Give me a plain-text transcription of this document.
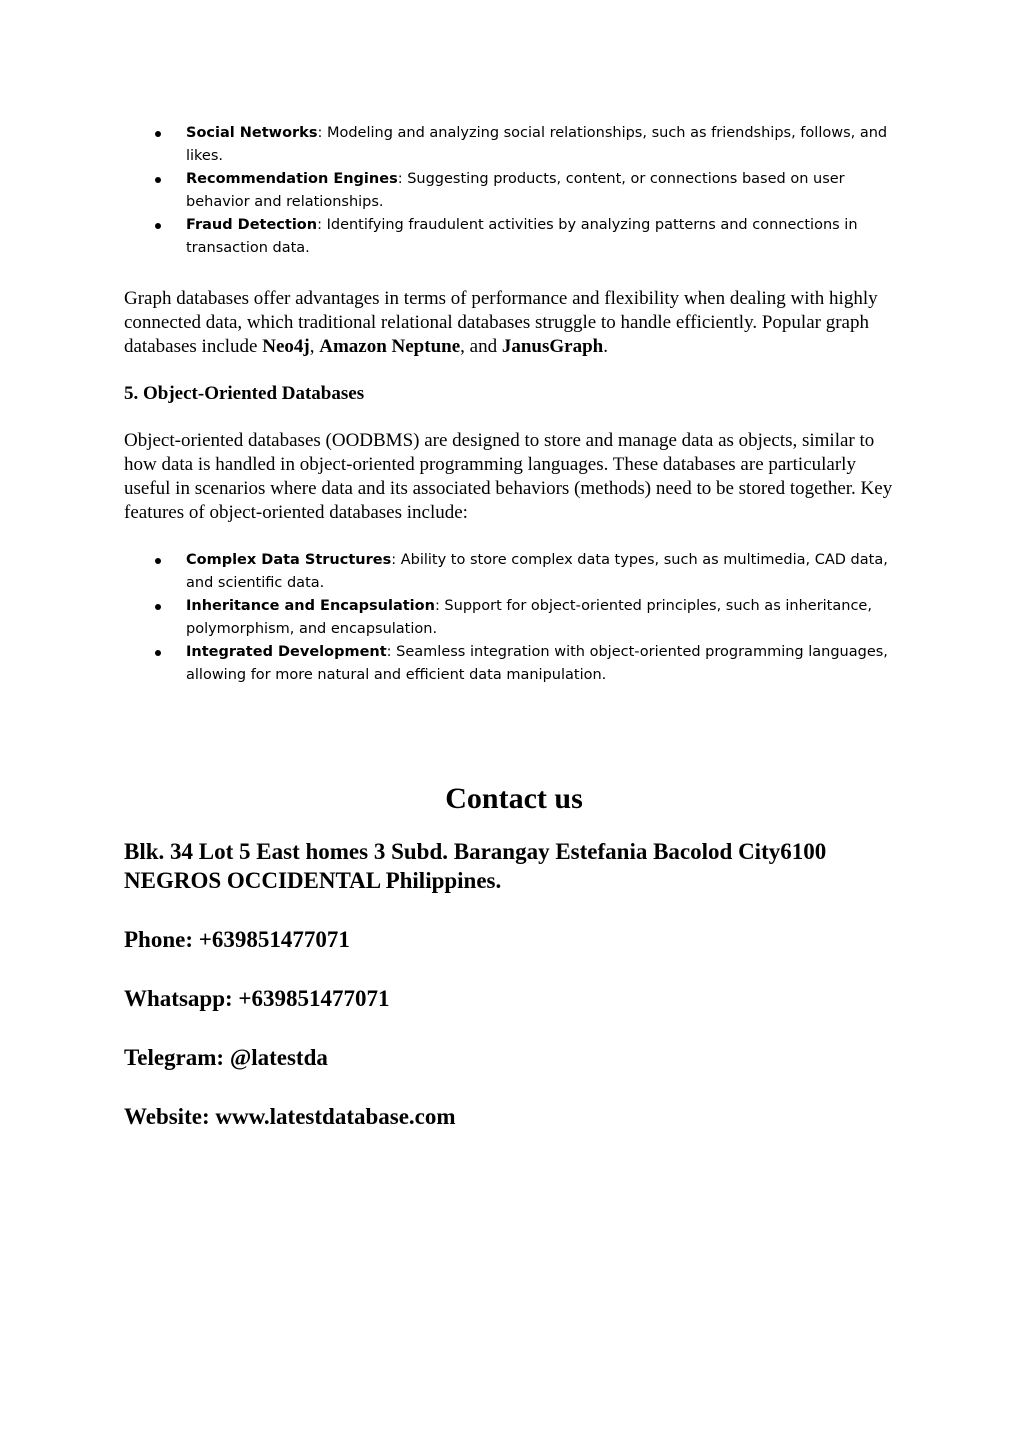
Social Networks: Modeling and analyzing social relationships, such as friendships, follows, and likes.
Recommendation Engines: Suggesting products, content, or connections based on user behavior and relationships.
Fraud Detection: Identifying fraudulent activities by analyzing patterns and connections in transaction data.

Graph databases offer advantages in terms of performance and flexibility when dealing with highly connected data, which traditional relational databases struggle to handle efficiently. Popular graph databases include Neo4j, Amazon Neptune, and JanusGraph.

5. Object-Oriented Databases

Object-oriented databases (OODBMS) are designed to store and manage data as objects, similar to how data is handled in object-oriented programming languages. These databases are particularly useful in scenarios where data and its associated behaviors (methods) need to be stored together. Key features of object-oriented databases include:

Complex Data Structures: Ability to store complex data types, such as multimedia, CAD data, and scientific data.
Inheritance and Encapsulation: Support for object-oriented principles, such as inheritance, polymorphism, and encapsulation.
Integrated Development: Seamless integration with object-oriented programming languages, allowing for more natural and efficient data manipulation.
Contact us

Blk. 34 Lot 5 East homes 3 Subd. Barangay Estefania Bacolod City6100 NEGROS OCCIDENTAL Philippines.

Phone: +639851477071

Whatsapp: +639851477071

Telegram: @latestda

Website: www.latestdatabase.com
